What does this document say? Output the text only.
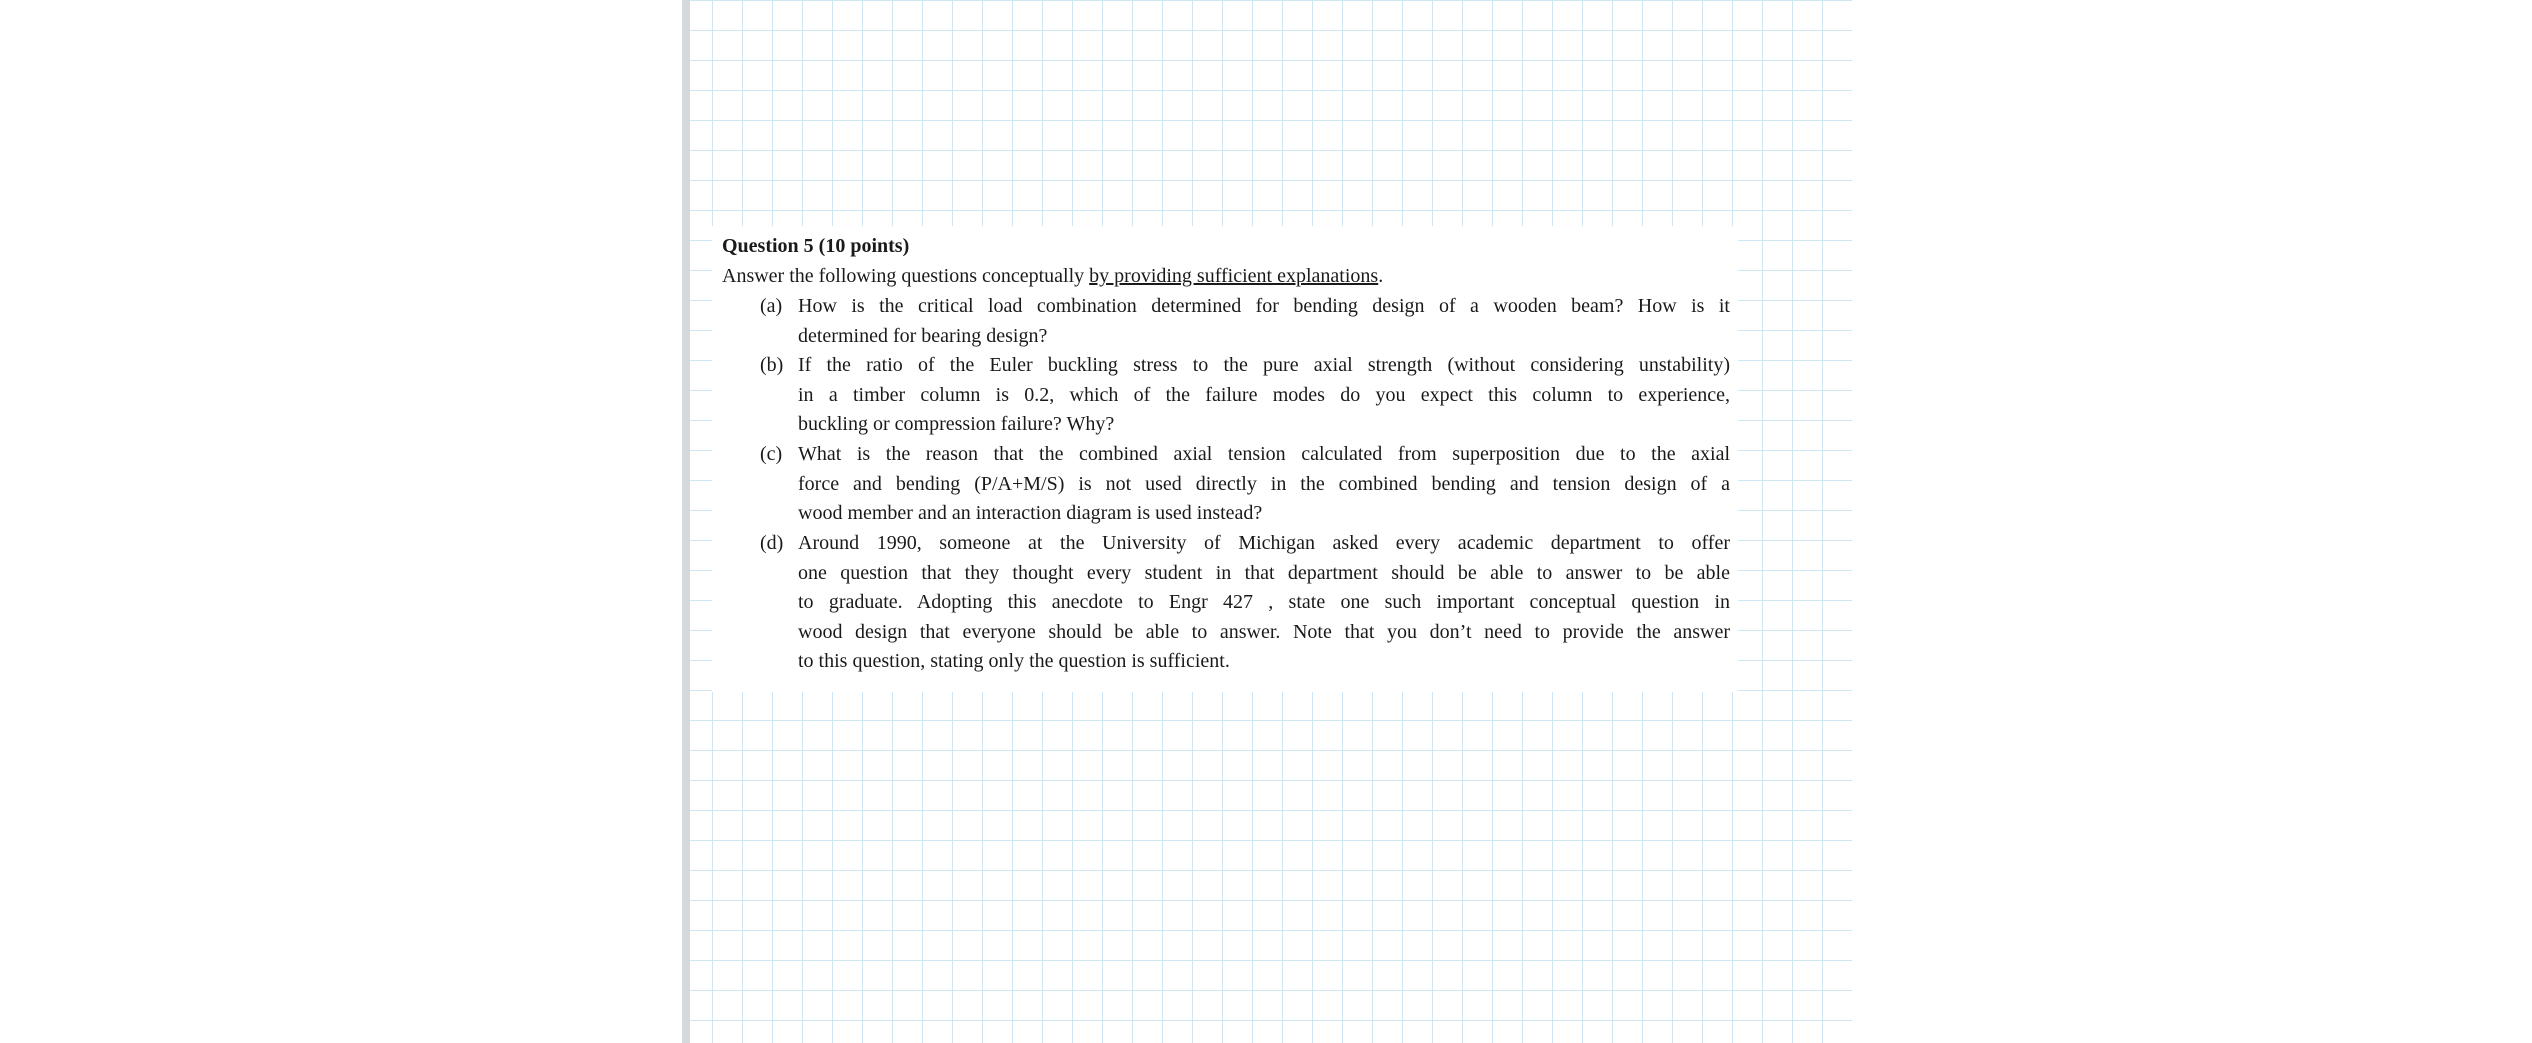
Question 5 (10 points)
Answer the following questions conceptually by providing sufficient explanations.
(a) How is the critical load combination determined for bending design of a wooden beam? How is it
determined for bearing design?
(b) If the ratio of the Euler buckling stress to the pure axial strength (without considering unstability)
in a timber column is 0.2, which of the failure modes do you expect this column to experience,
buckling or compression failure? Why?
(c) What is the reason that the combined axial tension calculated from superposition due to the axial
force and bending (P/A+M/S) is not used directly in the combined bending and tension design of a
wood member and an interaction diagram is used instead?
(d) Around 1990, someone at the University of Michigan asked every academic department to offer
one question that they thought every student in that department should be able to answer to be able
to graduate. Adopting this anecdote to Engr 427 , state one such important conceptual question in
wood design that everyone should be able to answer. Note that you don’t need to provide the answer
to this question, stating only the question is sufficient.
